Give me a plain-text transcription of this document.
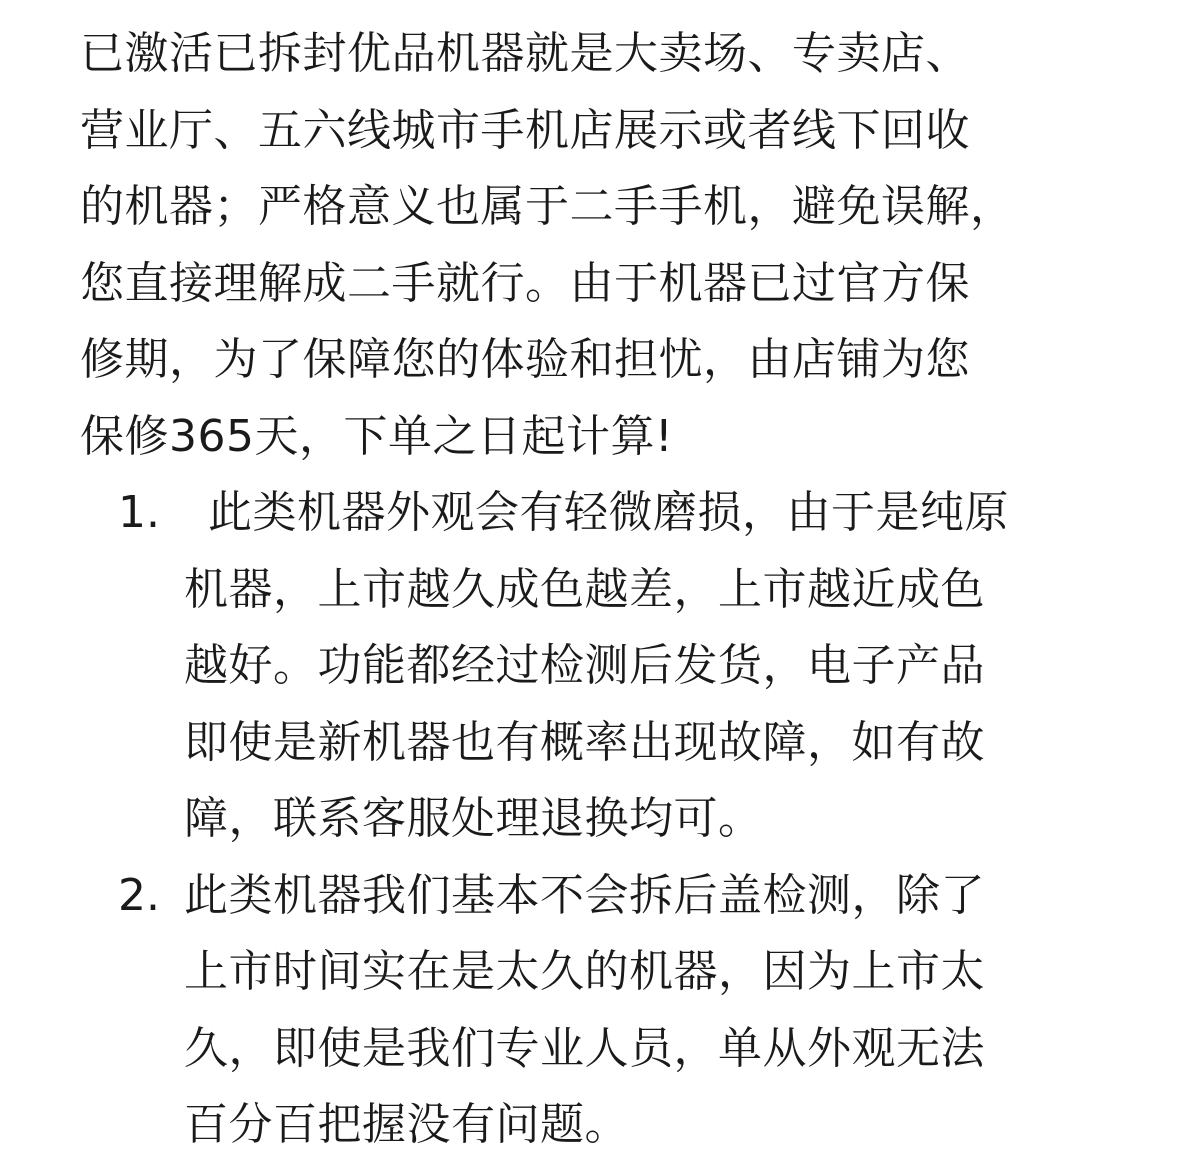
已激活已拆封优品机器就是大卖场、专卖店、
营业厅、五六线城市手机店展示或者线下回收
的机器；严格意义也属于二手手机，避免误解，
您直接理解成二手就行。由于机器已过官方保
修期，为了保障您的体验和担忧，由店铺为您
保修365天，下单之日起计算!
1.	此类机器外观会有轻微磨损，由于是纯原
机器，上市越久成色越差，上市越近成色
越好。功能都经过检测后发货，电子产品
即使是新机器也有概率出现故障，如有故
障，联系客服处理退换均可。
2. 此类机器我们基本不会拆后盖检测，除了
上市时间实在是太久的机器，因为上市太
久，即使是我们专业人员，单从外观无法
百分百把握没有问题。
